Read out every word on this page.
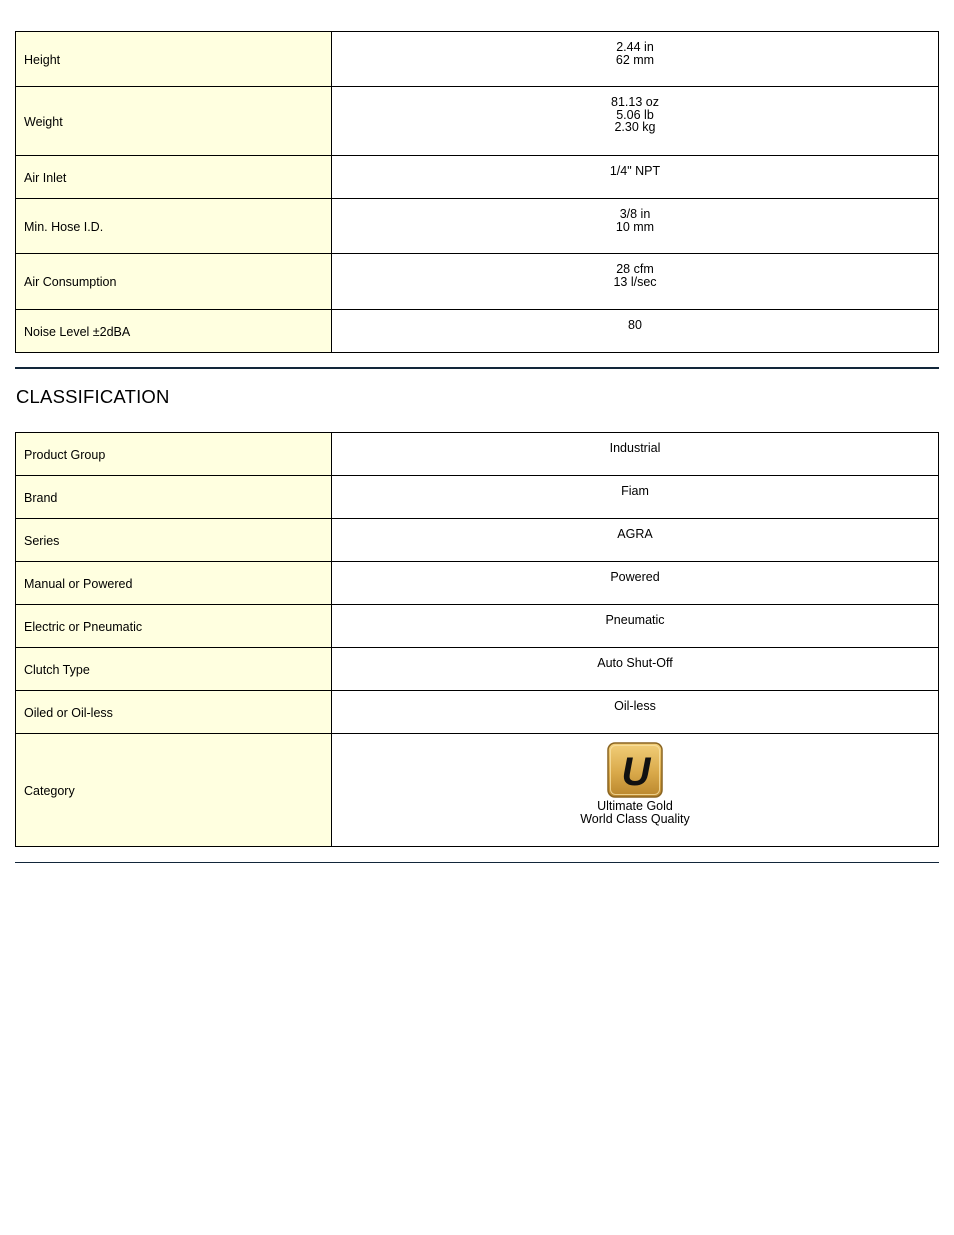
Height	2.44 in
62 mm

Weight	81.13 oz
5.06 lb
2.30 kg

Air Inlet	1/4" NPT

Min. Hose I.D.	3/8 in
10 mm

Air Consumption	28 cfm
13 l/sec

Noise Level ±2dBA	80
CLASSIFICATION
Product Group	Industrial

Brand	Fiam

Series	AGRA

Manual or Powered	Powered

Electric or Pneumatic	Pneumatic

Clutch Type	Auto Shut-Off

Oiled or Oil-less	Oil-less

Category	U
Ultimate Gold
World Class Quality
